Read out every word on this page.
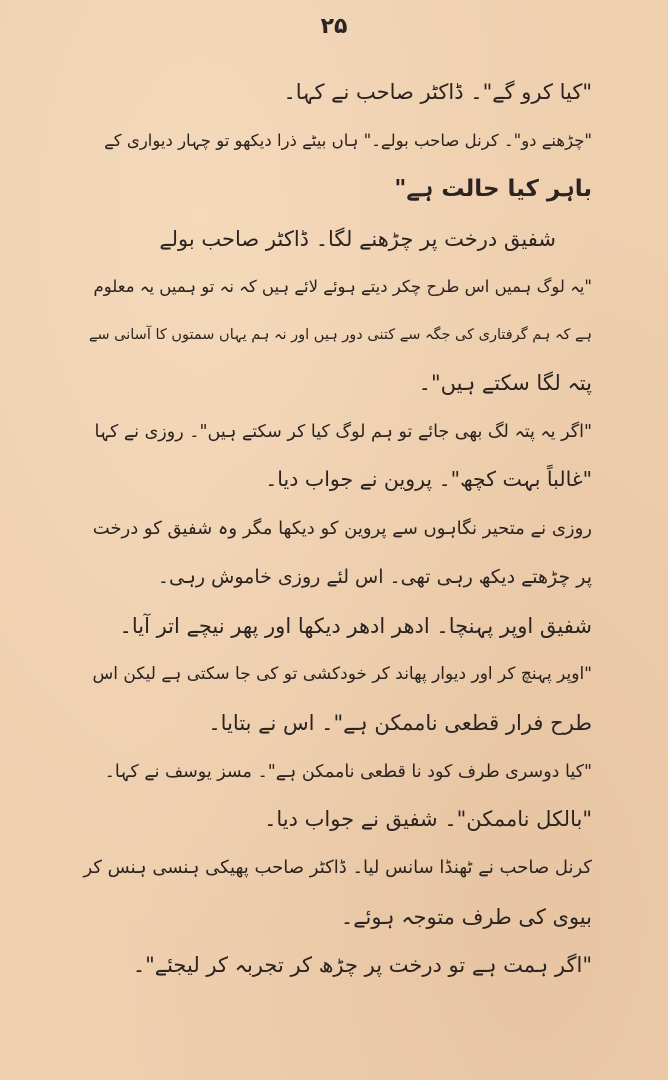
۲۵
"کیا کرو گے"۔ ڈاکٹر صاحب نے کہا۔
"چڑھنے دو"۔ کرنل صاحب بولے۔" ہاں بیٹے ذرا دیکھو تو چہار دیواری کے
باہر کیا حالت ہے"
شفیق درخت پر چڑھنے لگا۔ ڈاکٹر صاحب بولے
"یہ لوگ ہمیں اس طرح چکر دیتے ہوئے لائے ہیں کہ نہ تو ہمیں یہ معلوم
ہے کہ ہم گرفتاری کی جگہ سے کتنی دور ہیں اور نہ ہم یہاں سمتوں کا آسانی سے
پتہ لگا سکتے ہیں"۔
"اگر یہ پتہ لگ بھی جائے تو ہم لوگ کیا کر سکتے ہیں"۔ روزی نے کہا
"غالباً بہت کچھ"۔ پروین نے جواب دیا۔
روزی نے متحیر نگاہوں سے پروین کو دیکھا مگر وہ شفیق کو درخت
پر چڑھتے دیکھ رہی تھی۔ اس لئے روزی خاموش رہی۔
شفیق اوپر پہنچا۔ ادھر ادھر دیکھا اور پھر نیچے اتر آیا۔
"اوپر پہنچ کر اور دیوار پھاند کر خودکشی تو کی جا سکتی ہے لیکن اس
طرح فرار قطعی ناممکن ہے"۔ اس نے بتایا۔
"کیا دوسری طرف کود نا قطعی ناممکن ہے"۔ مسز یوسف نے کہا۔
"بالکل ناممکن"۔ شفیق نے جواب دیا۔
کرنل صاحب نے ٹھنڈا سانس لیا۔ ڈاکٹر صاحب پھیکی ہنسی ہنس کر
بیوی کی طرف متوجہ ہوئے۔
"اگر ہمت ہے تو درخت پر چڑھ کر تجربہ کر لیجئے"۔
